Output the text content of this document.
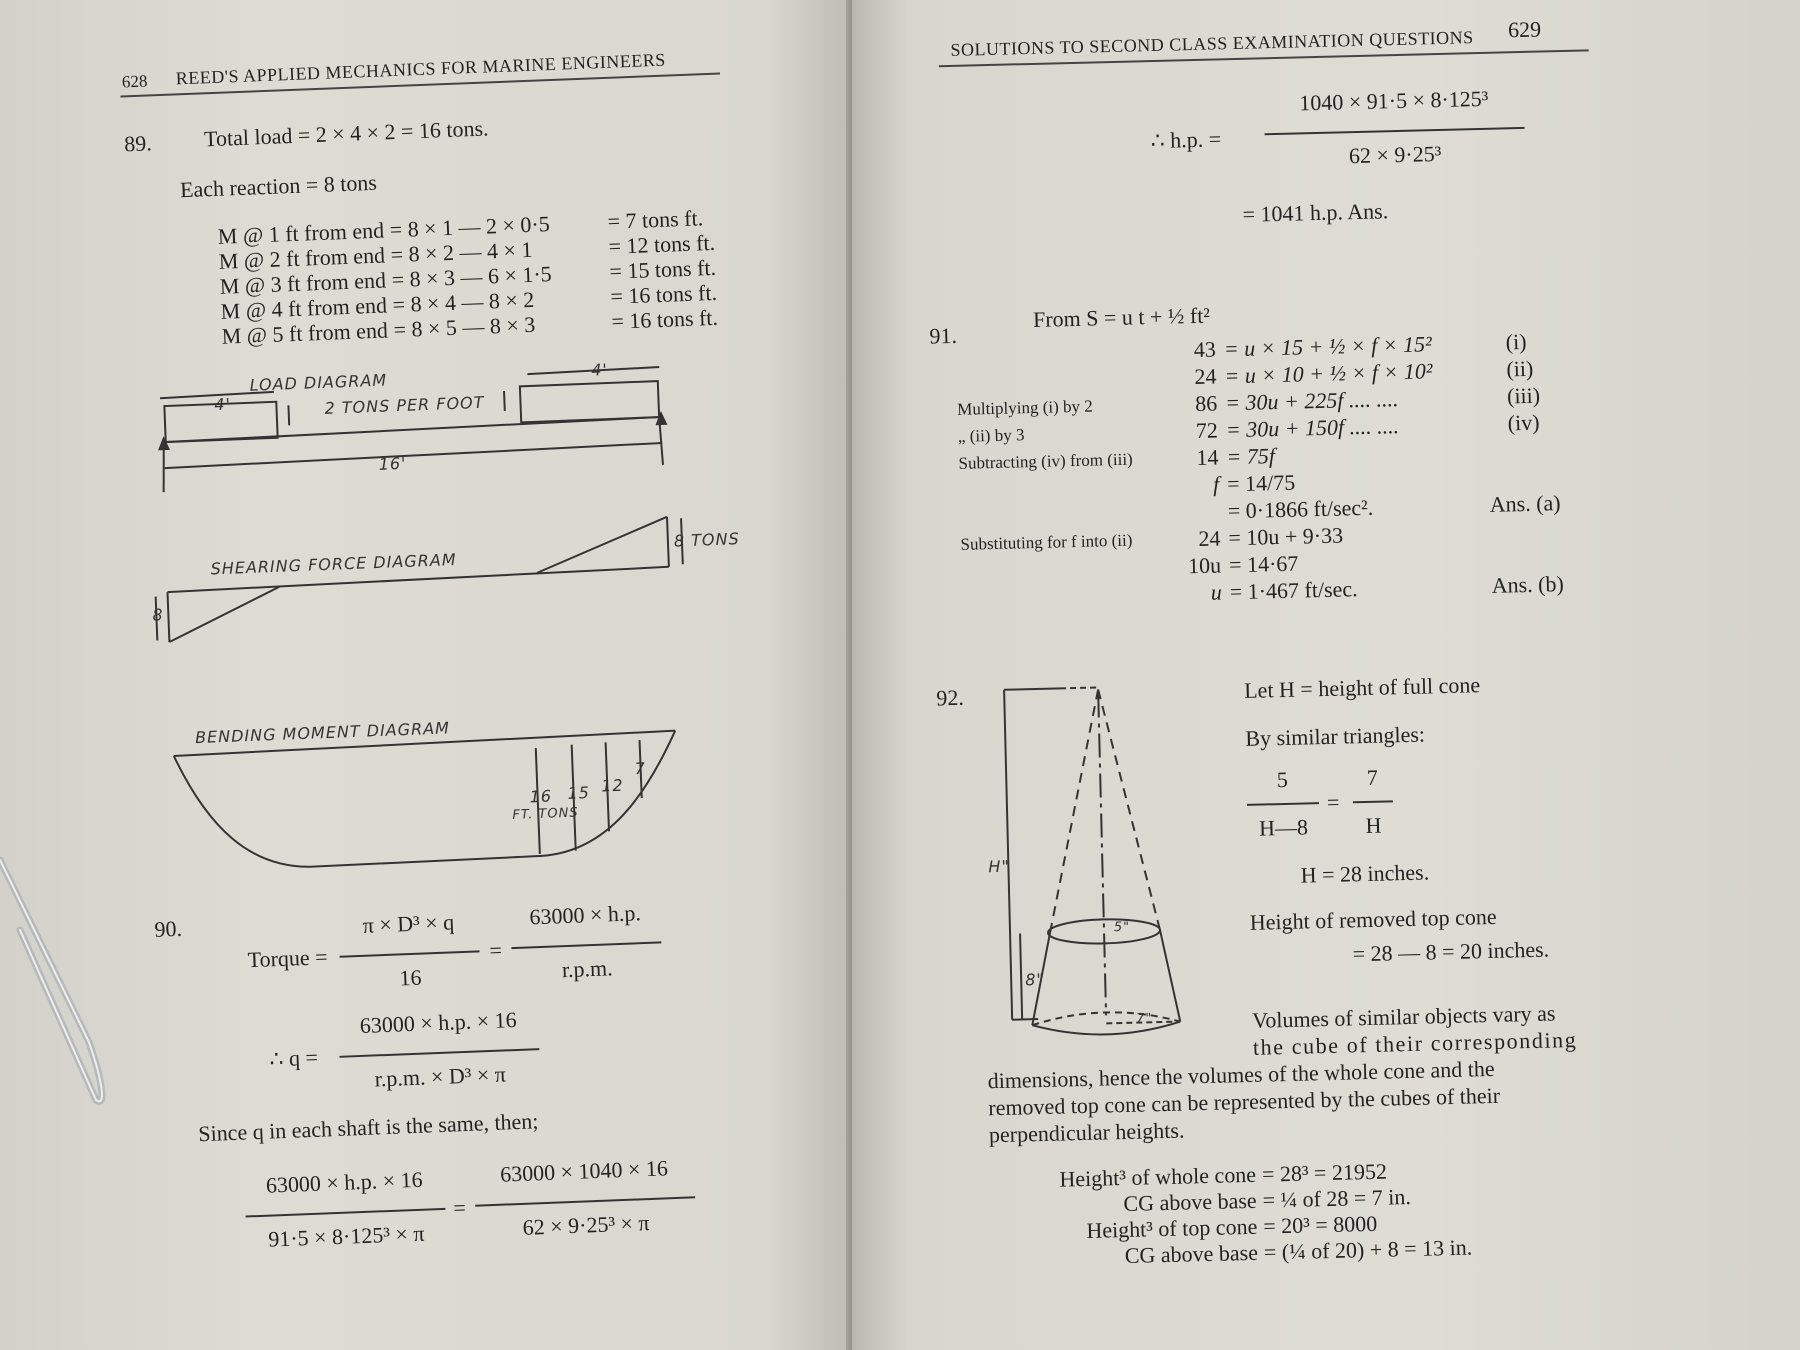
628 REED'S APPLIED MECHANICS FOR MARINE ENGINEERS
89. Total load = 2 × 4 × 2 = 16 tons.
Each reaction = 8 tons
M @ 1 ft from end = 8 × 1 — 2 × 0·5	= 7 tons ft.
M @ 2 ft from end = 8 × 2 — 4 × 1	= 12 tons ft.
M @ 3 ft from end = 8 × 3 — 6 × 1·5	= 15 tons ft.
M @ 4 ft from end = 8 × 4 — 8 × 2	= 16 tons ft.
M @ 5 ft from end = 8 × 5 — 8 × 3	= 16 tons ft.
LOAD DIAGRAM
4'
4'
2 TONS PER FOOT
16'
SHEARING FORCE DIAGRAM
8
8 TONS
BENDING MOMENT DIAGRAM
16 15 12
7
FT. TONS
90.
Torque =
π × D³ × q
16
=
63000 × h.p.
r.p.m.
∴ q =
63000 × h.p. × 16
r.p.m. × D³ × π
Since q in each shaft is the same, then;
63000 × h.p. × 16
91·5 × 8·125³ × π
=
63000 × 1040 × 16
62 × 9·25³ × π
SOLUTIONS TO SECOND CLASS EXAMINATION QUESTIONS 629
∴ h.p. =
1040 × 91·5 × 8·125³
62 × 9·25³
= 1041 h.p. Ans.
91.
From S = u t + ½ ft²
43 = u × 15 + ½ × f × 15²	(i)
24 = u × 10 + ½ × f × 10²	(ii)
Multiplying (i) by 2	86 = 30u + 225f .... ....	(iii)
„ (ii) by 3	72 = 30u + 150f .... ....	(iv)
Subtracting (iv) from (iii)	14 = 75f
f = 14/75
= 0·1866 ft/sec².	Ans. (a)
Substituting for f into (ii)	24 = 10u + 9·33
10u = 14·67
u = 1·467 ft/sec.	Ans. (b)
92.
H"
8"
5"
7"
Let H = height of full cone
By similar triangles:
5
H—8
=
7
H
H = 28 inches.
Height of removed top cone
= 28 — 8 = 20 inches.
Volumes of similar objects vary as
the cube of their corresponding
dimensions, hence the volumes of the whole cone and the
removed top cone can be represented by the cubes of their
perpendicular heights.
Height³ of whole cone = 28³ = 21952
CG above base = ¼ of 28 = 7 in.
Height³ of top cone = 20³ = 8000
CG above base = (¼ of 20) + 8 = 13 in.
